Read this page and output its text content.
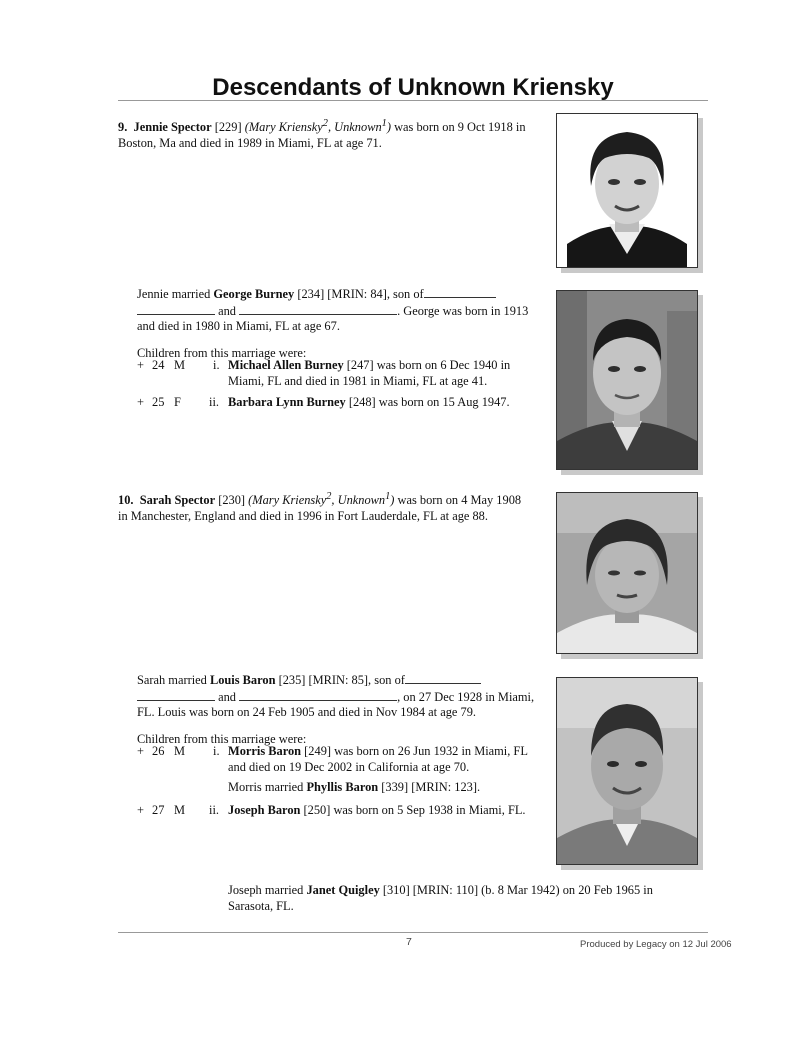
Descendants of Unknown Kriensky
9. Jennie Spector [229] (Mary Kriensky$^2$, Unknown$^1$) was born on 9 Oct 1918 in
Boston, Ma and died in 1989 in Miami, FL at age 71.
Jennie married George Burney [234] [MRIN: 84], son of
and	. George was born in 1913
and died in 1980 in Miami, FL at age 67.
Children from this marriage were:
+ 24 M i. Michael Allen Burney [247] was born on 6 Dec 1940 in
Miami, FL and died in 1981 in Miami, FL at age 41.
+ 25 F ii. Barbara Lynn Burney [248] was born on 15 Aug 1947.
10. Sarah Spector [230] (Mary Kriensky$^2$, Unknown$^1$) was born on 4 May 1908
in Manchester, England and died in 1996 in Fort Lauderdale, FL at age 88.
Sarah married Louis Baron [235] [MRIN: 85], son of
and	, on 27 Dec 1928 in Miami,
FL. Louis was born on 24 Feb 1905 and died in Nov 1984 at age 79.
Children from this marriage were:
+ 26 M i. Morris Baron [249] was born on 26 Jun 1932 in Miami, FL
and died on 19 Dec 2002 in California at age 70.
Morris married Phyllis Baron [339] [MRIN: 123].
+ 27 M ii. Joseph Baron [250] was born on 5 Sep 1938 in Miami, FL.
Joseph married Janet Quigley [310] [MRIN: 110] (b. 8 Mar 1942) on 20 Feb 1965 in
Sarasota, FL.
7	Produced by Legacy on 12 Jul 2006
